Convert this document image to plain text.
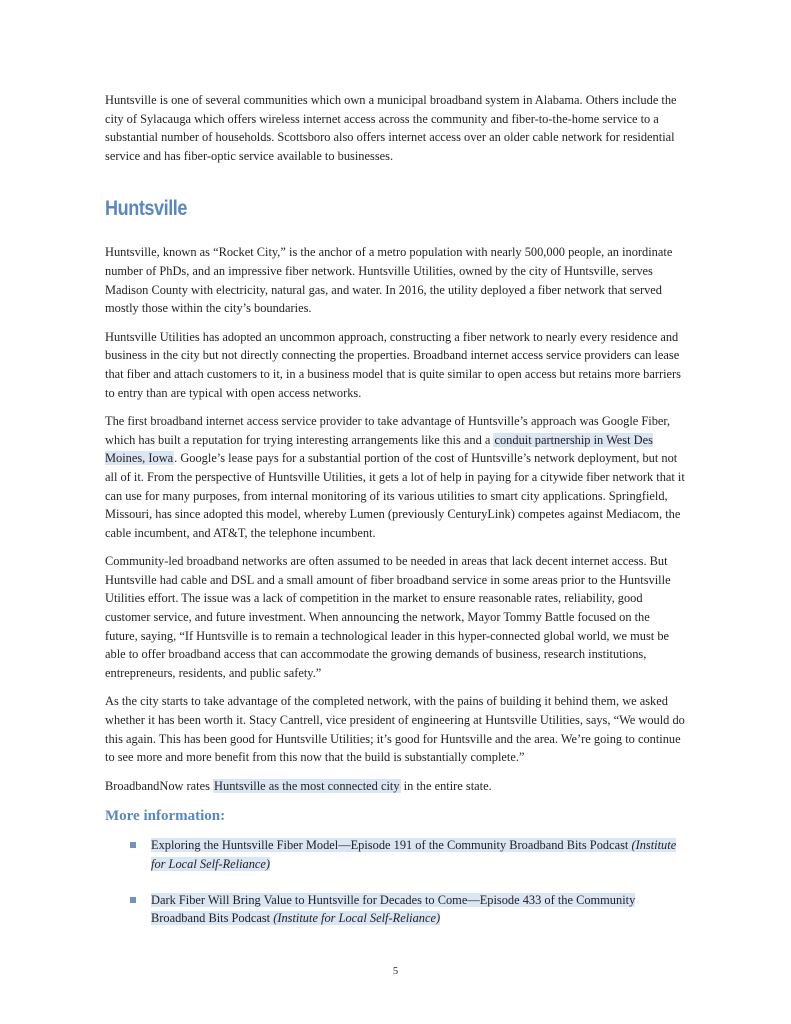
Huntsville is one of several communities which own a municipal broadband system in Alabama. Others include the city of Sylacauga which offers wireless internet access across the community and fiber-to-the-home service to a substantial number of households. Scottsboro also offers internet access over an older cable network for residential service and has fiber-optic service available to businesses.

Huntsville

Huntsville, known as “Rocket City,” is the anchor of a metro population with nearly 500,000 people, an inordinate number of PhDs, and an impressive fiber network. Huntsville Utilities, owned by the city of Huntsville, serves Madison County with electricity, natural gas, and water. In 2016, the utility deployed a fiber network that served mostly those within the city’s boundaries.

Huntsville Utilities has adopted an uncommon approach, constructing a fiber network to nearly every residence and business in the city but not directly connecting the properties. Broadband internet access service providers can lease that fiber and attach customers to it, in a business model that is quite similar to open access but retains more barriers to entry than are typical with open access networks.

The first broadband internet access service provider to take advantage of Huntsville’s approach was Google Fiber, which has built a reputation for trying interesting arrangements like this and a conduit partnership in West Des Moines, Iowa. Google’s lease pays for a substantial portion of the cost of Huntsville’s network deployment, but not all of it. From the perspective of Huntsville Utilities, it gets a lot of help in paying for a citywide fiber network that it can use for many purposes, from internal monitoring of its various utilities to smart city applications. Springfield, Missouri, has since adopted this model, whereby Lumen (previously CenturyLink) competes against Mediacom, the cable incumbent, and AT&T, the telephone incumbent.

Community-led broadband networks are often assumed to be needed in areas that lack decent internet access. But Huntsville had cable and DSL and a small amount of fiber broadband service in some areas prior to the Huntsville Utilities effort. The issue was a lack of competition in the market to ensure reasonable rates, reliability, good customer service, and future investment. When announcing the network, Mayor Tommy Battle focused on the future, saying, “If Huntsville is to remain a technological leader in this hyper-connected global world, we must be able to offer broadband access that can accommodate the growing demands of business, research institutions, entrepreneurs, residents, and public safety.”

As the city starts to take advantage of the completed network, with the pains of building it behind them, we asked whether it has been worth it. Stacy Cantrell, vice president of engineering at Huntsville Utilities, says, “We would do this again. This has been good for Huntsville Utilities; it’s good for Huntsville and the area. We’re going to continue to see more and more benefit from this now that the build is substantially complete.”

BroadbandNow rates Huntsville as the most connected city in the entire state.

More information:
Exploring the Huntsville Fiber Model—Episode 191 of the Community Broadband Bits Podcast (Institute for Local Self-Reliance)
Dark Fiber Will Bring Value to Huntsville for Decades to Come—Episode 433 of the Community Broadband Bits Podcast (Institute for Local Self-Reliance)
5
